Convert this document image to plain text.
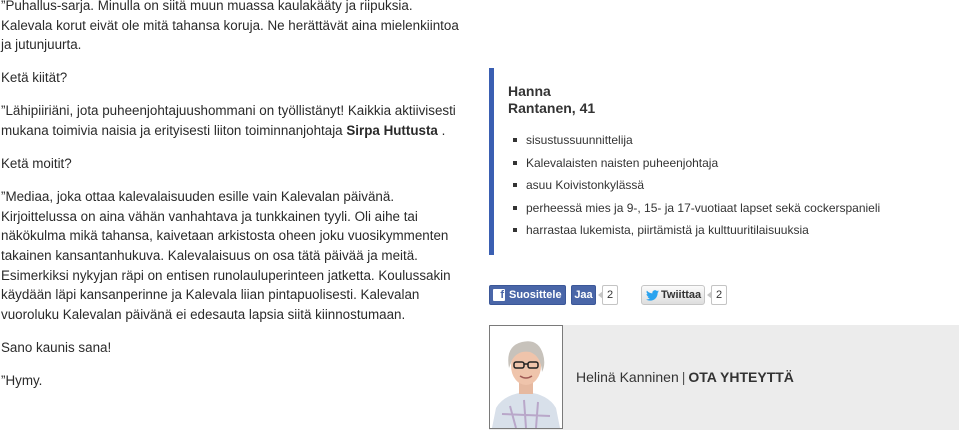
”Puhallus-sarja. Minulla on siitä muun muassa kaulakääty ja riipuksia. Kalevala korut eivät ole mitä tahansa koruja. Ne herättävät aina mielenkiintoa ja jutunjuurta.

Ketä kiität?

”Lähipiiriäni, jota puheenjohtajuushommani on työllistänyt! Kaikkia aktiivisesti mukana toimivia naisia ja erityisesti liiton toiminnanjohtaja Sirpa Huttusta .

Ketä moitit?

”Mediaa, joka ottaa kalevalaisuuden esille vain Kalevalan päivänä. Kirjoittelussa on aina vähän vanhahtava ja tunkkainen tyyli. Oli aihe tai näkökulma mikä tahansa, kaivetaan arkistosta oheen joku vuosikymmenten takainen kansantanhukuva. Kalevalaisuus on osa tätä päivää ja meitä. Esimerkiksi nykyjan räpi on entisen runolauluperinteen jatketta. Koulussakin käydään läpi kansanperinne ja Kalevala liian pintapuolisesti. Kalevalan vuoroluku Kalevalan päivänä ei edesauta lapsia siitä kiinnostumaan.

Sano kaunis sana!

”Hymy.

Hanna
Rantanen, 41
sisustussuunnittelija
Kalevalaisten naisten puheenjohtaja
asuu Koivistonkylässä
perheessä mies ja 9-, 15- ja 17-vuotiaat lapset sekä cockerspanieli
harrastaa lukemista, piirtämistä ja kulttuuritilaisuuksia
f Suosittele	Jaa	2	Twiittaa	2
Helinä Kanninen | OTA YHTEYTTÄ
